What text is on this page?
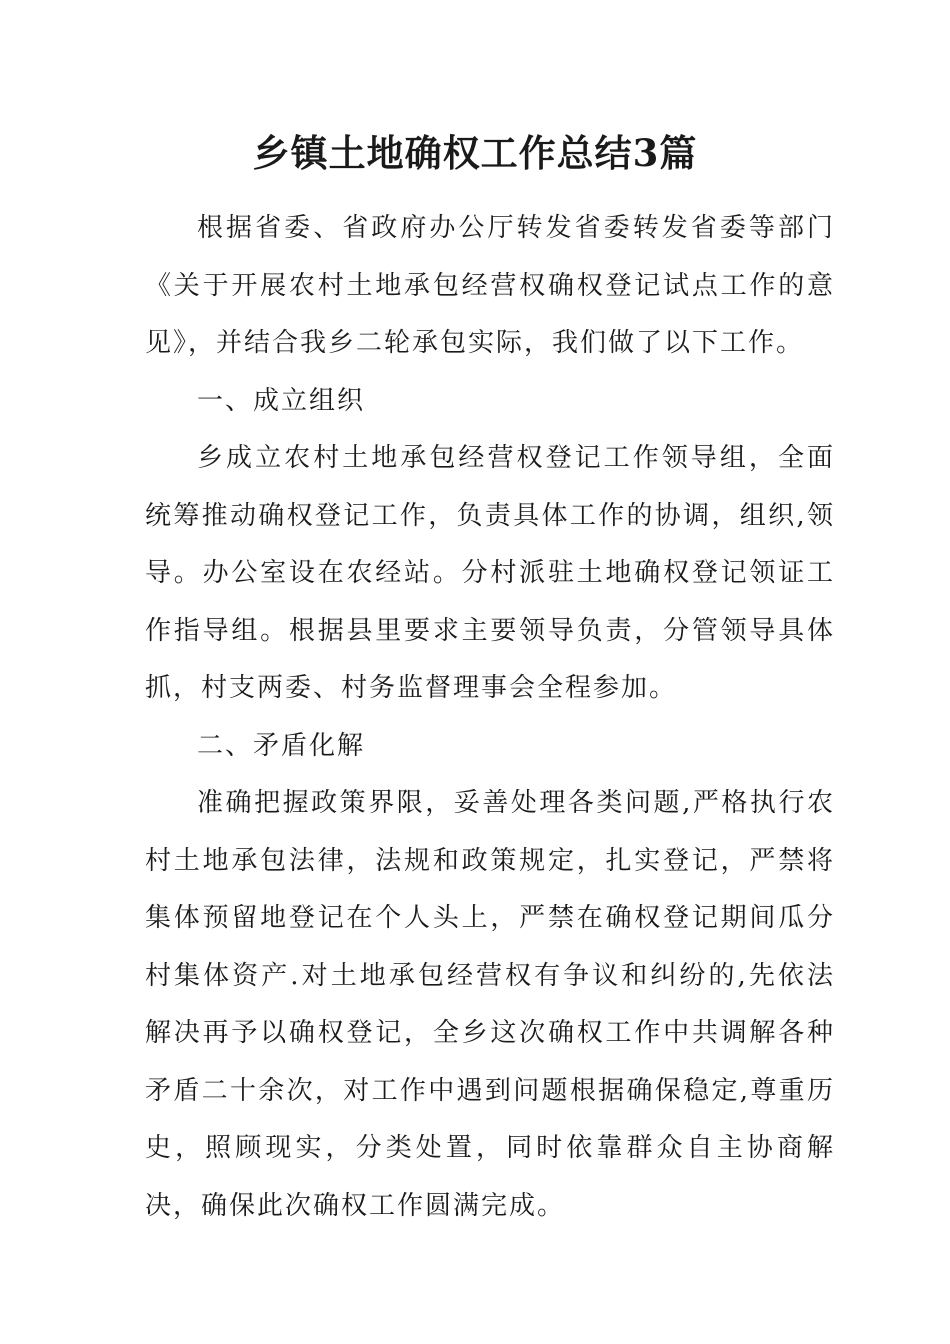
乡镇土地确权工作总结3篇

根据省委、省政府办公厅转发省委转发省委等部门《关于开展农村土地承包经营权确权登记试点工作的意见》，并结合我乡二轮承包实际，我们做了以下工作。

一、成立组织

乡成立农村土地承包经营权登记工作领导组，全面统筹推动确权登记工作，负责具体工作的协调，组织,领导。办公室设在农经站。分村派驻土地确权登记领证工作指导组。根据县里要求主要领导负责，分管领导具体抓，村支两委、村务监督理事会全程参加。

二、矛盾化解

准确把握政策界限，妥善处理各类问题,严格执行农村土地承包法律，法规和政策规定，扎实登记，严禁将集体预留地登记在个人头上，严禁在确权登记期间瓜分村集体资产.对土地承包经营权有争议和纠纷的,先依法解决再予以确权登记，全乡这次确权工作中共调解各种矛盾二十余次，对工作中遇到问题根据确保稳定,尊重历史，照顾现实，分类处置，同时依靠群众自主协商解决，确保此次确权工作圆满完成。
